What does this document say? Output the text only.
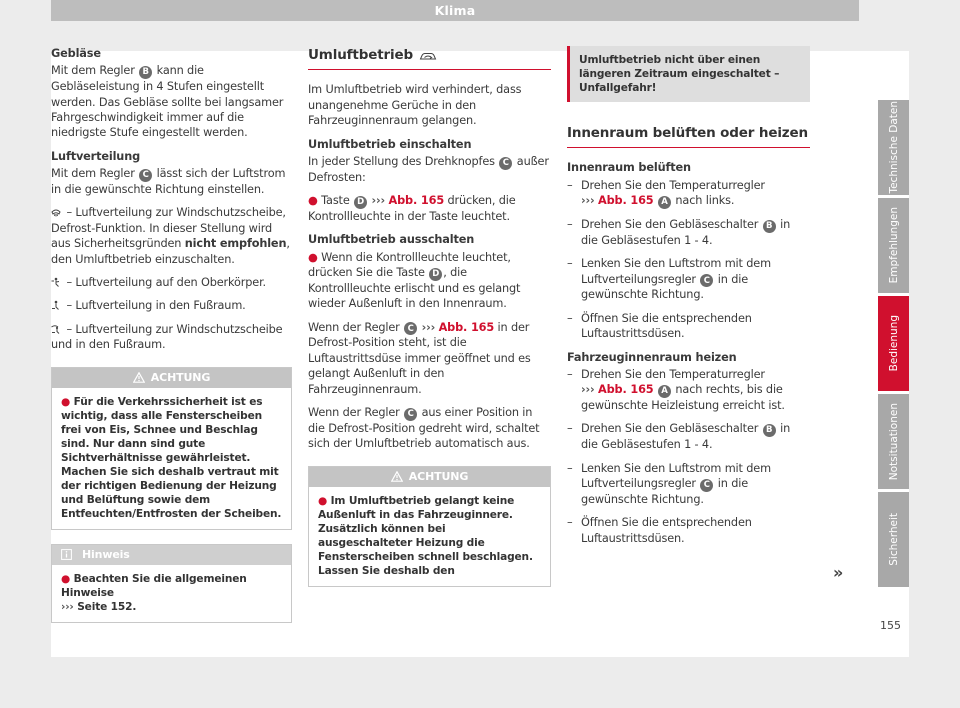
Klima
Gebläse

Mit dem Regler B kann die Gebläseleistung in 4 Stufen eingestellt werden. Das Gebläse sollte bei langsamer Fahrgeschwindigkeit immer auf die niedrigste Stufe eingestellt werden.

Luftverteilung

Mit dem Regler C lässt sich der Luftstrom in die gewünschte Richtung einstellen.

– Luftverteilung zur Windschutzscheibe, Defrost-Funktion. In dieser Stellung wird aus Sicherheitsgründen nicht empfohlen, den Umluftbetrieb einzuschalten.

– Luftverteilung auf den Oberkörper.

– Luftverteilung in den Fußraum.

– Luftverteilung zur Windschutzscheibe und in den Fußraum.

ACHTUNG
● Für die Verkehrssicherheit ist es wichtig, dass alle Fensterscheiben frei von Eis, Schnee und Beschlag sind. Nur dann sind gute Sichtverhältnisse gewährleistet. Machen Sie sich deshalb vertraut mit der richtigen Bedienung der Heizung und Belüftung sowie dem Entfeuchten/Entfrosten der Scheiben.
Hinweis
● Beachten Sie die allgemeinen Hinweise
››› Seite 152.
Umluftbetrieb

Im Umluftbetrieb wird verhindert, dass unangenehme Gerüche in den Fahrzeuginnenraum gelangen.

Umluftbetrieb einschalten

In jeder Stellung des Drehknopfes C außer Defrosten:

● Taste D ››› Abb. 165 drücken, die Kontrollleuchte in der Taste leuchtet.

Umluftbetrieb ausschalten

● Wenn die Kontrollleuchte leuchtet, drücken Sie die Taste D , die Kontrollleuchte erlischt und es gelangt wieder Außenluft in den Innenraum.

Wenn der Regler C ››› Abb. 165 in der Defrost-Position steht, ist die Luftaustrittsdüse immer geöffnet und es gelangt Außenluft in den Fahrzeuginnenraum.

Wenn der Regler C aus einer Position in die Defrost-Position gedreht wird, schaltet sich der Umluftbetrieb automatisch aus.

ACHTUNG
● Im Umluftbetrieb gelangt keine Außenluft in das Fahrzeuginnere. Zusätzlich können bei ausgeschalteter Heizung die Fensterscheiben schnell beschlagen. Lassen Sie deshalb den
Umluftbetrieb nicht über einen längeren Zeitraum eingeschaltet – Unfallgefahr!
Innenraum belüften oder heizen
Innenraum belüften
– Drehen Sie den Temperaturregler
››› Abb. 165 A nach links.
– Drehen Sie den Gebläseschalter B in die Gebläsestufen 1 - 4.
– Lenken Sie den Luftstrom mit dem Luftverteilungsregler C in die gewünschte Richtung.
– Öffnen Sie die entsprechenden Luftaustrittsdüsen.
Fahrzeuginnenraum heizen
– Drehen Sie den Temperaturregler
››› Abb. 165 A nach rechts, bis die gewünschte Heizleistung erreicht ist.
– Drehen Sie den Gebläseschalter B in die Gebläsestufen 1 - 4.
– Lenken Sie den Luftstrom mit dem Luftverteilungsregler C in die gewünschte Richtung.
– Öffnen Sie die entsprechenden Luftaustrittsdüsen.
»
Technische Daten
Empfehlungen
Bedienung
Notsituationen
Sicherheit
155
